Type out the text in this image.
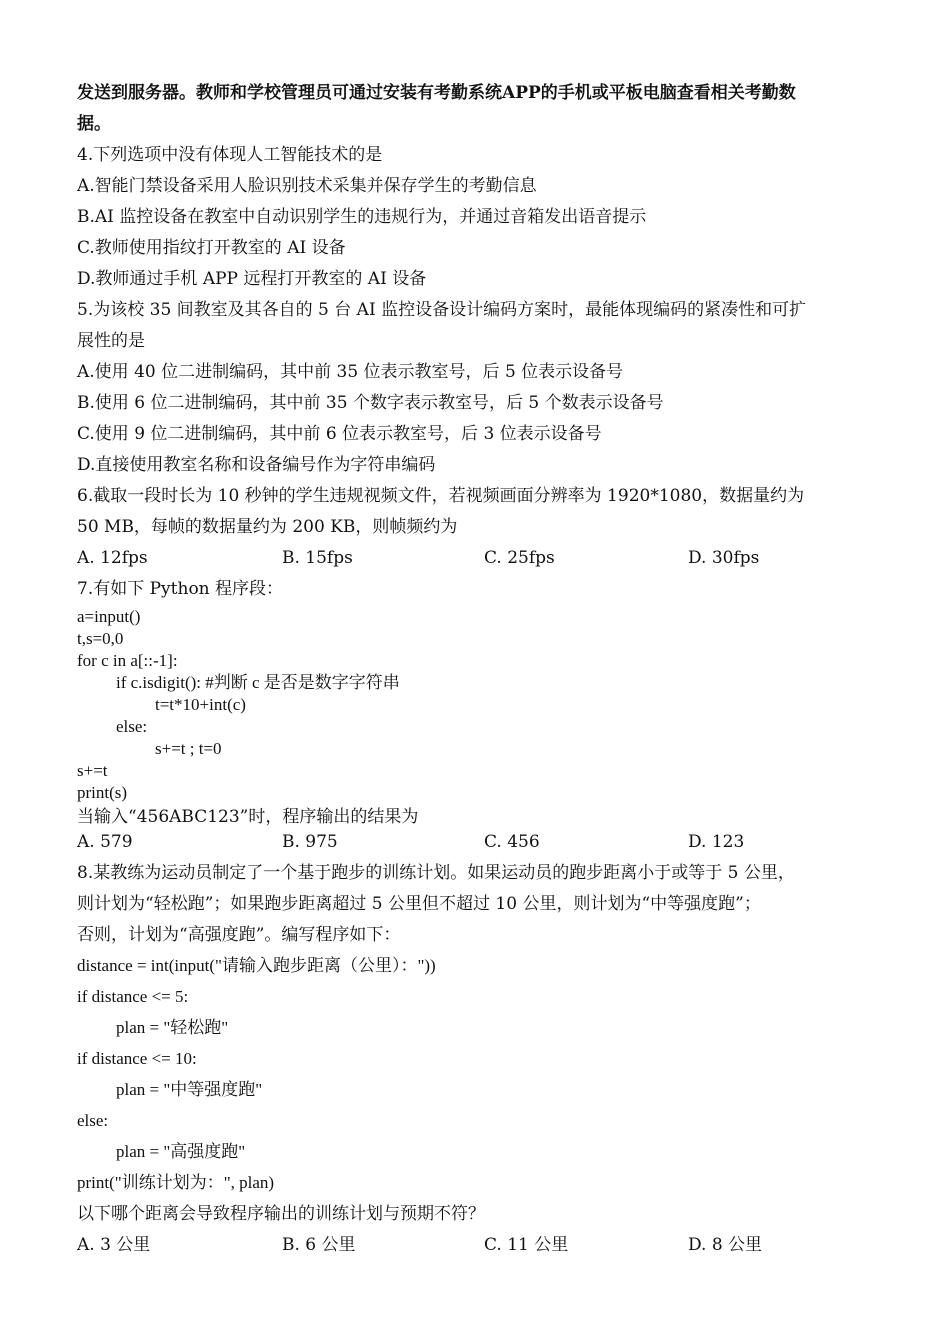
发送到服务器。教师和学校管理员可通过安装有考勤系统APP的手机或平板电脑查看相关考勤数
据。
4.下列选项中没有体现人工智能技术的是
A.智能门禁设备采用人脸识别技术采集并保存学生的考勤信息
B.AI 监控设备在教室中自动识别学生的违规行为，并通过音箱发出语音提示
C.教师使用指纹打开教室的 AI 设备
D.教师通过手机 APP 远程打开教室的 AI 设备
5.为该校 35 间教室及其各自的 5 台 AI 监控设备设计编码方案时，最能体现编码的紧凑性和可扩
展性的是
A.使用 40 位二进制编码，其中前 35 位表示教室号，后 5 位表示设备号
B.使用 6 位二进制编码，其中前 35 个数字表示教室号，后 5 个数表示设备号
C.使用 9 位二进制编码，其中前 6 位表示教室号，后 3 位表示设备号
D.直接使用教室名称和设备编号作为字符串编码
6.截取一段时长为 10 秒钟的学生违规视频文件，若视频画面分辨率为 1920*1080，数据量约为
50 MB，每帧的数据量约为 200 KB，则帧频约为
A. 12fps	B. 15fps	C. 25fps	D. 30fps
7.有如下 Python 程序段：
a=input()
t,s=0,0
for c in a[::-1]:
if c.isdigit(): #判断 c 是否是数字字符串
t=t*10+int(c)
else:
s+=t ; t=0
s+=t
print(s)
当输入“456ABC123”时，程序输出的结果为
A. 579	B. 975	C. 456	D. 123
8.某教练为运动员制定了一个基于跑步的训练计划。如果运动员的跑步距离小于或等于 5 公里，
则计划为“轻松跑”；如果跑步距离超过 5 公里但不超过 10 公里，则计划为“中等强度跑”；
否则，计划为“高强度跑”。编写程序如下：
distance = int(input("请输入跑步距离（公里）："))
if distance <= 5:
plan = "轻松跑"
if distance <= 10:
plan = "中等强度跑"
else:
plan = "高强度跑"
print("训练计划为：", plan)
以下哪个距离会导致程序输出的训练计划与预期不符？
A. 3 公里	B. 6 公里	C. 11 公里	D. 8 公里
